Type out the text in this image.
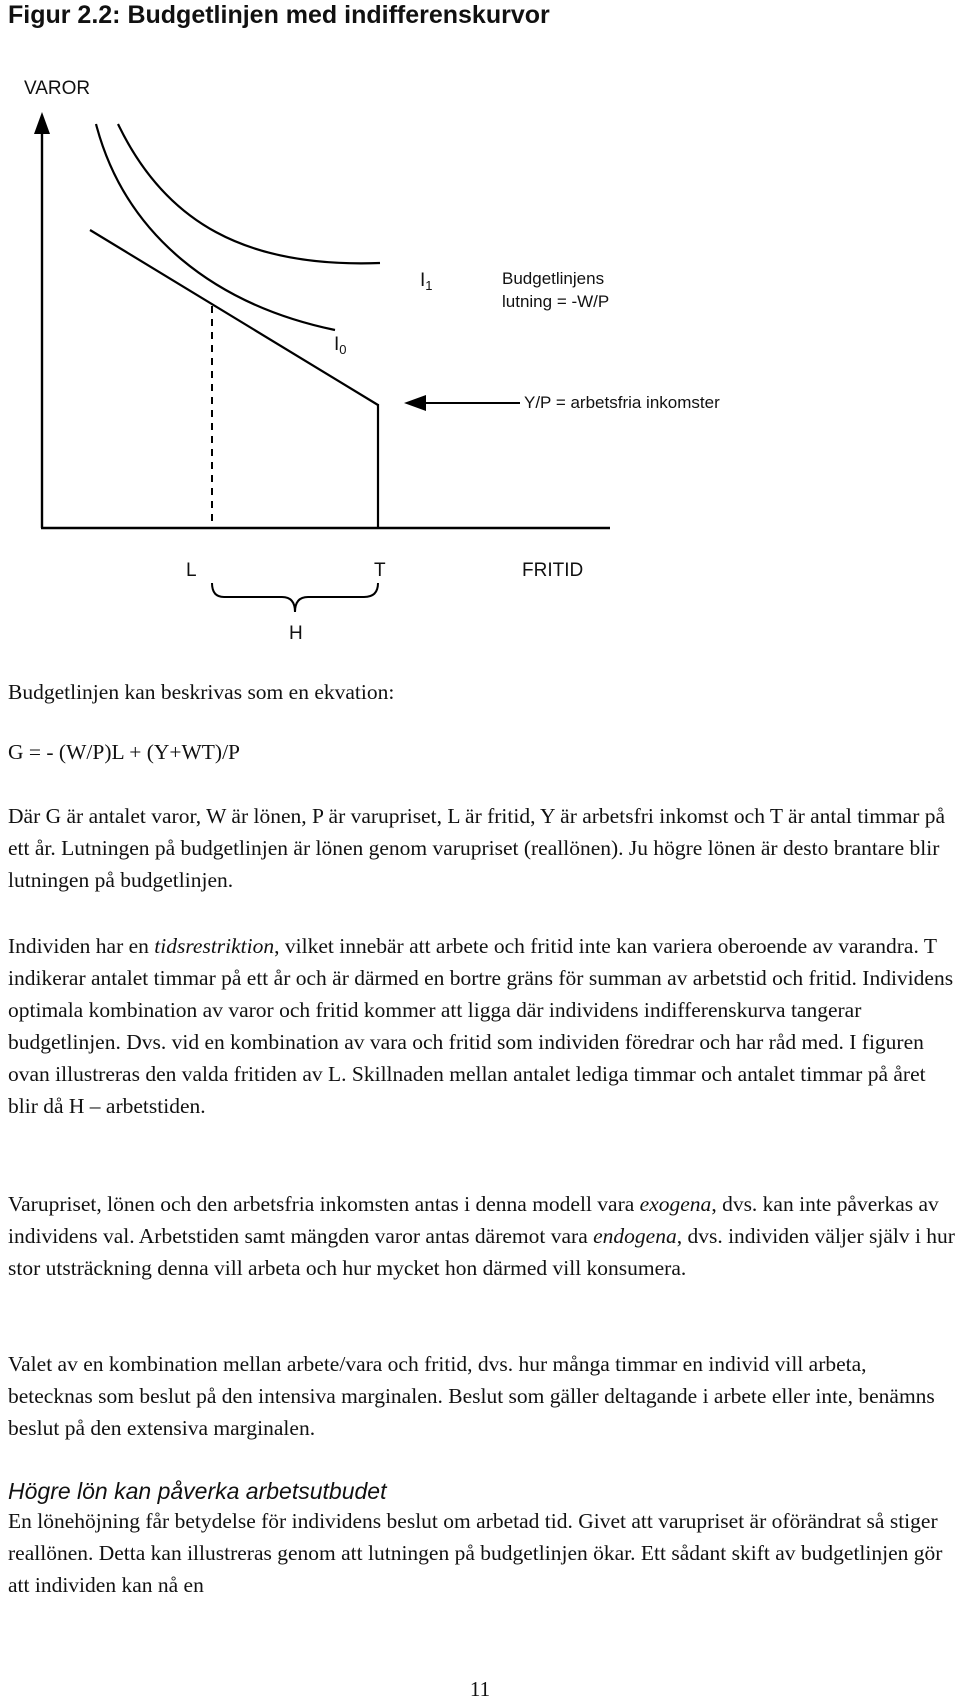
Figur 2.2: Budgetlinjen med indifferenskurvor
VAROR
$I_1$
$I_0$
Budgetlinjens
lutning = -W/P
Y/P = arbetsfria inkomster
L	T	FRITID
H
Budgetlinjen kan beskrivas som en ekvation:
G = - (W/P)L + (Y+WT)/P

Där G är antalet varor, W är lönen, P är varupriset, L är fritid, Y är arbetsfri inkomst och T är antal timmar på ett år. Lutningen på budgetlinjen är lönen genom varupriset (reallönen). Ju högre lönen är desto brantare blir lutningen på budgetlinjen.

Individen har en tidsrestriktion, vilket innebär att arbete och fritid inte kan variera oberoende av varandra. T indikerar antalet timmar på ett år och är därmed en bortre gräns för summan av arbetstid och fritid. Individens optimala kombination av varor och fritid kommer att ligga där individens indifferenskurva tangerar budgetlinjen. Dvs. vid en kombination av vara och fritid som individen föredrar och har råd med. I figuren ovan illustreras den valda fritiden av L. Skillnaden mellan antalet lediga timmar och antalet timmar på året blir då H – arbetstiden.

Varupriset, lönen och den arbetsfria inkomsten antas i denna modell vara exogena, dvs. kan inte påverkas av individens val. Arbetstiden samt mängden varor antas däremot vara endogena, dvs. individen väljer själv i hur stor utsträckning denna vill arbeta och hur mycket hon därmed vill konsumera.

Valet av en kombination mellan arbete/vara och fritid, dvs. hur många timmar en individ vill arbeta, betecknas som beslut på den intensiva marginalen. Beslut som gäller deltagande i arbete eller inte, benämns beslut på den extensiva marginalen.

Högre lön kan påverka arbetsutbudet

En lönehöjning får betydelse för individens beslut om arbetad tid. Givet att varupriset är oförändrat så stiger reallönen. Detta kan illustreras genom att lutningen på budgetlinjen ökar. Ett sådant skift av budgetlinjen gör att individen kan nå en

11
